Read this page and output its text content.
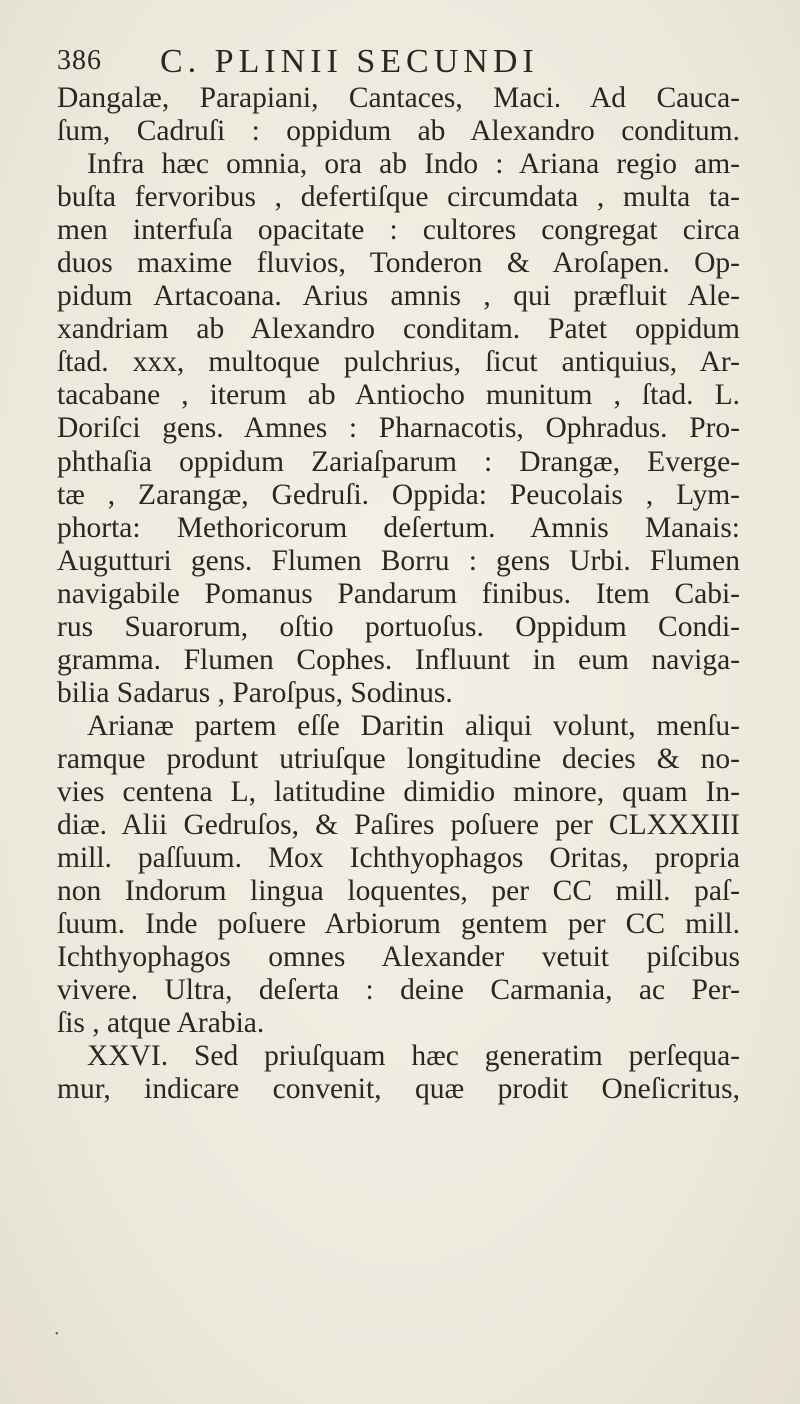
386 C. PLINII SECUNDI
Dangalæ, Parapiani, Cantaces, Maci. Ad Cauca-
ſum, Cadruſi : oppidum ab Alexandro conditum.
Infra hæc omnia, ora ab Indo : Ariana regio am-
buſta fervoribus , defertiſque circumdata , multa ta-
men interfuſa opacitate : cultores congregat circa
duos maxime fluvios, Tonderon & Aroſapen. Op-
pidum Artacoana. Arius amnis , qui præfluit Ale-
xandriam ab Alexandro conditam. Patet oppidum
ſtad. xxx, multoque pulchrius, ſicut antiquius, Ar-
tacabane , iterum ab Antiocho munitum , ſtad. L.
Doriſci gens. Amnes : Pharnacotis, Ophradus. Pro-
phthaſia oppidum Zariaſparum : Drangæ, Everge-
tæ , Zarangæ, Gedruſi. Oppida: Peucolais , Lym-
phorta: Methoricorum deſertum. Amnis Manais:
Augutturi gens. Flumen Borru : gens Urbi. Flumen
navigabile Pomanus Pandarum finibus. Item Cabi-
rus Suarorum, oſtio portuoſus. Oppidum Condi-
gramma. Flumen Cophes. Influunt in eum naviga-
bilia Sadarus , Paroſpus, Sodinus.
Arianæ partem eſſe Daritin aliqui volunt, menſu-
ramque produnt utriuſque longitudine decies & no-
vies centena L, latitudine dimidio minore, quam In-
diæ. Alii Gedruſos, & Paſires poſuere per CLXXXIII
mill. paſſuum. Mox Ichthyophagos Oritas, propria
non Indorum lingua loquentes, per CC mill. paſ-
ſuum. Inde poſuere Arbiorum gentem per CC mill.
Ichthyophagos omnes Alexander vetuit piſcibus
vivere. Ultra, deſerta : deine Carmania, ac Per-
ſis , atque Arabia.
XXVI. Sed priuſquam hæc generatim perſequa-
mur, indicare convenit, quæ prodit Oneſicritus,
•
